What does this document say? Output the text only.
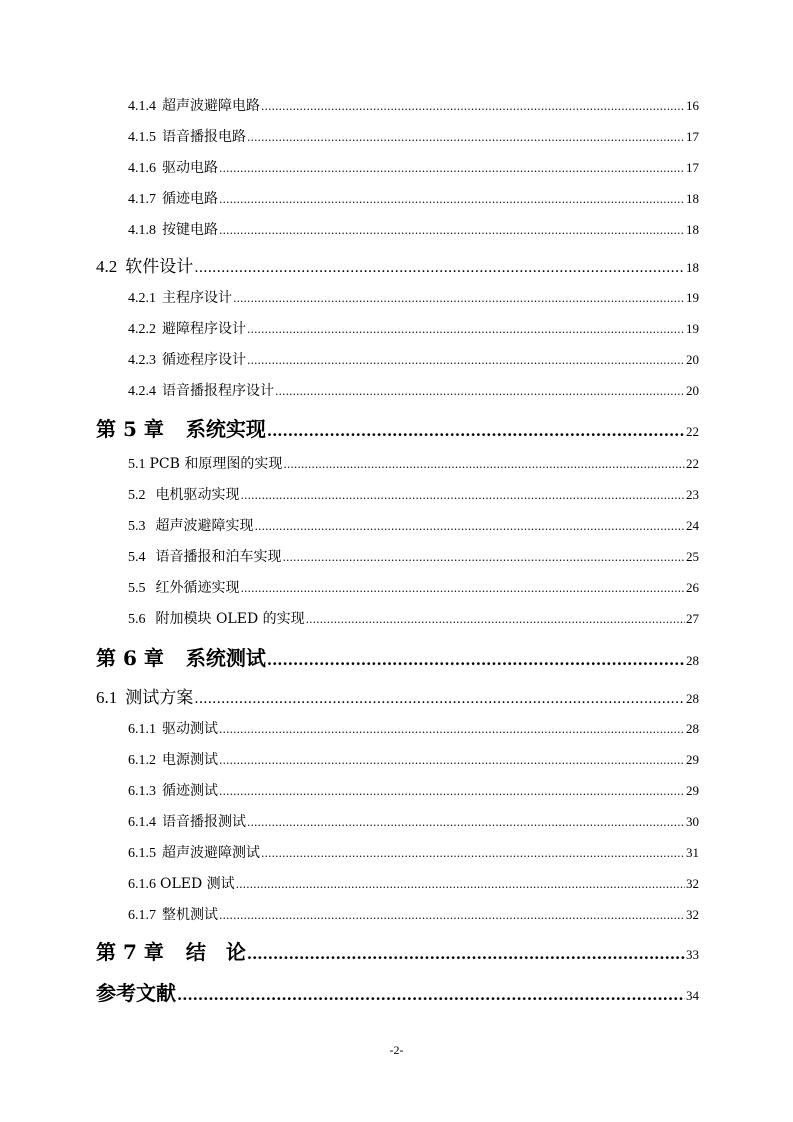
4.1.4 超声波避障电路 .....	16
4.1.5 语音播报电路 .....	17
4.1.6 驱动电路 .....	17
4.1.7 循迹电路 .....	18
4.1.8 按键电路 .....	18
4.2 软件设计 .....	18
4.2.1 主程序设计 .....	19
4.2.2 避障程序设计 .....	19
4.2.3 循迹程序设计 .....	20
4.2.4 语音播报程序设计 .....	20
第 5 章 系统实现 .....	22
5.1 PCB 和原理图的实现 .....	22
5.2 电机驱动实现 .....	23
5.3 超声波避障实现 .....	24
5.4 语音播报和泊车实现 .....	25
5.5 红外循迹实现 .....	26
5.6 附加模块 OLED 的实现 .....	27
第 6 章 系统测试 .....	28
6.1 测试方案 .....	28
6.1.1 驱动测试 .....	28
6.1.2 电源测试 .....	29
6.1.3 循迹测试 .....	29
6.1.4 语音播报测试 .....	30
6.1.5 超声波避障测试 .....	31
6.1.6 OLED 测试 .....	32
6.1.7 整机测试 .....	32
第 7 章 结　论 .....	33
参考文献 .....	34
-2-
